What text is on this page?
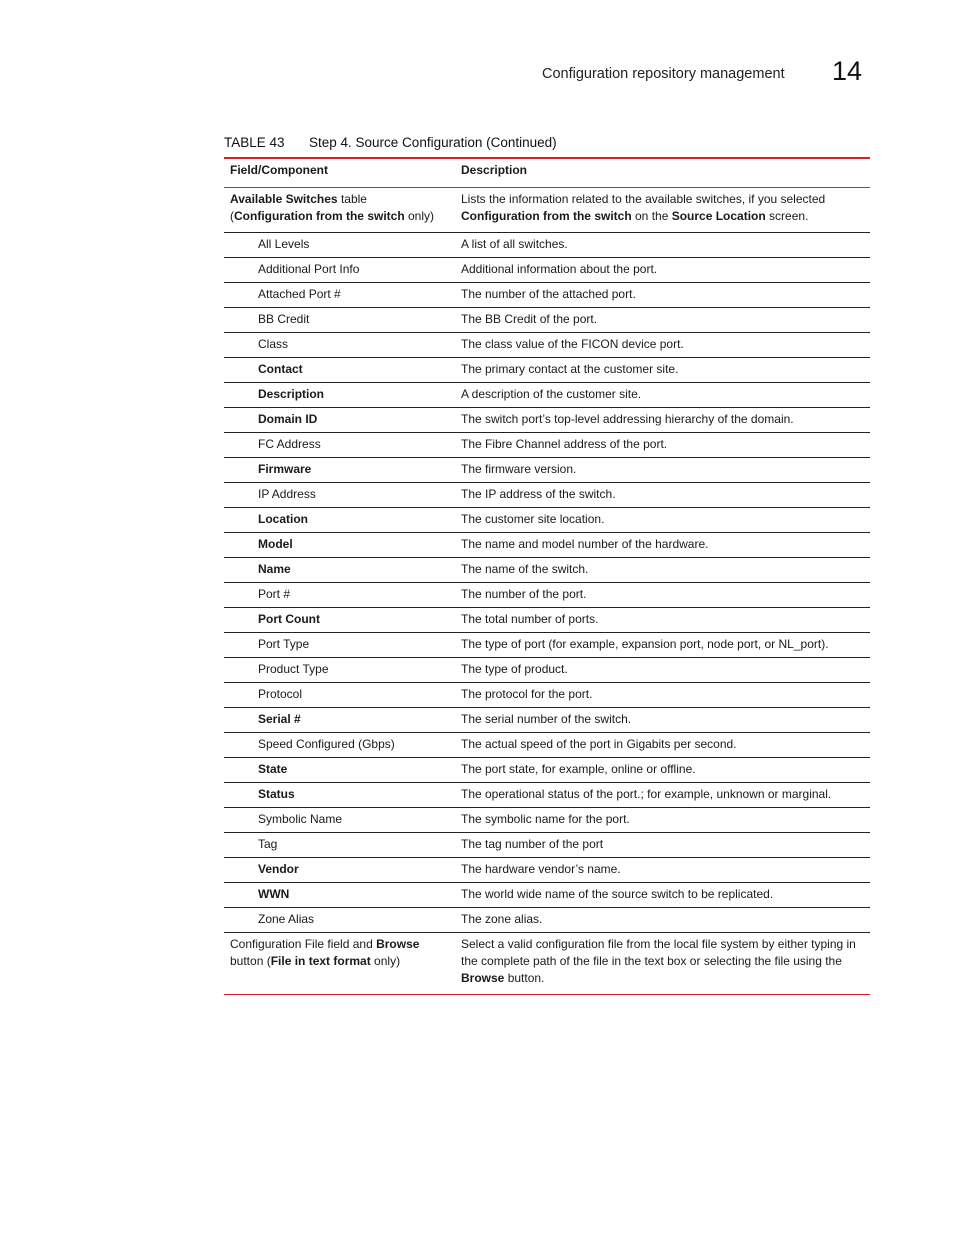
Configuration repository management 14
TABLE 43 Step 4. Source Configuration (Continued)
Field/Component	Description
Available Switches table (Configuration from the switch only)	Lists the information related to the available switches, if you selected Configuration from the switch on the Source Location screen.
All Levels	A list of all switches.
Additional Port Info	Additional information about the port.
Attached Port #	The number of the attached port.
BB Credit	The BB Credit of the port.
Class	The class value of the FICON device port.
Contact	The primary contact at the customer site.
Description	A description of the customer site.
Domain ID	The switch port’s top-level addressing hierarchy of the domain.
FC Address	The Fibre Channel address of the port.
Firmware	The firmware version.
IP Address	The IP address of the switch.
Location	The customer site location.
Model	The name and model number of the hardware.
Name	The name of the switch.
Port #	The number of the port.
Port Count	The total number of ports.
Port Type	The type of port (for example, expansion port, node port, or NL_port).
Product Type	The type of product.
Protocol	The protocol for the port.
Serial #	The serial number of the switch.
Speed Configured (Gbps)	The actual speed of the port in Gigabits per second.
State	The port state, for example, online or offline.
Status	The operational status of the port.; for example, unknown or marginal.
Symbolic Name	The symbolic name for the port.
Tag	The tag number of the port
Vendor	The hardware vendor’s name.
WWN	The world wide name of the source switch to be replicated.
Zone Alias	The zone alias.
Configuration File field and Browse button (File in text format only)	Select a valid configuration file from the local file system by either typing in the complete path of the file in the text box or selecting the file using the Browse button.
